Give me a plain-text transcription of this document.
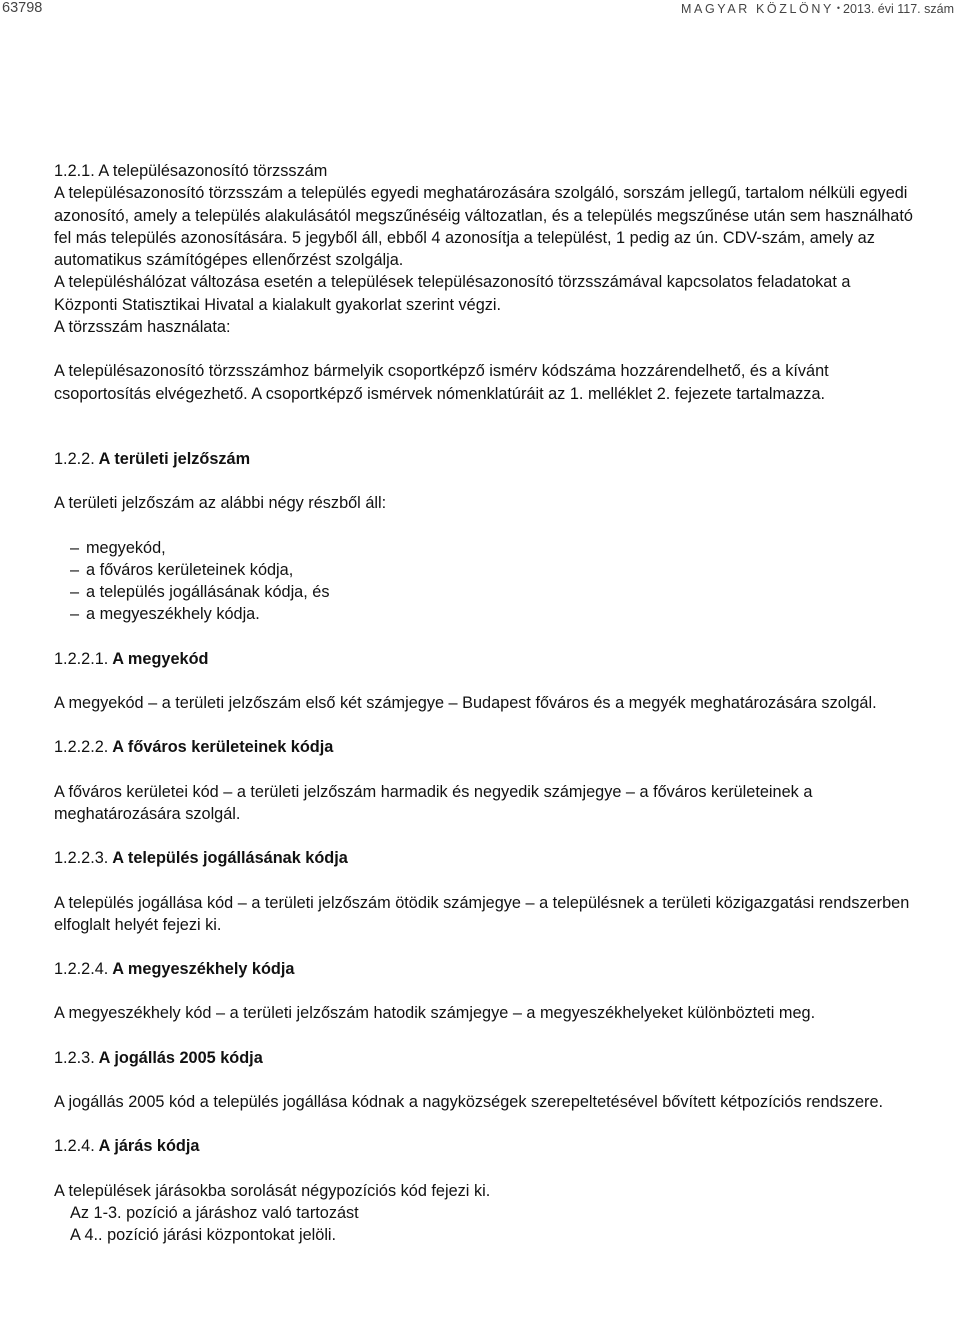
63798	MAGYAR KÖZLÖNY • 2013. évi 117. szám

1.2.1. A településazonosító törzsszám

A településazonosító törzsszám a település egyedi meghatározására szolgáló, sorszám jellegű, tartalom nélküli egyedi azonosító, amely a település alakulásától megszűnéséig változatlan, és a település megszűnése után sem használható fel más település azonosítására. 5 jegyből áll, ebből 4 azonosítja a települést, 1 pedig az ún. CDV-szám, amely az automatikus számítógépes ellenőrzést szolgálja.

A településhálózat változása esetén a települések településazonosító törzsszámával kapcsolatos feladatokat a Központi Statisztikai Hivatal a kialakult gyakorlat szerint végzi.

A törzsszám használata:

A településazonosító törzsszámhoz bármelyik csoportképző ismérv kódszáma hozzárendelhető, és a kívánt csoportosítás elvégezhető. A csoportképző ismérvek nómenklatúráit az 1. melléklet 2. fejezete tartalmazza.

1.2.2. A területi jelzőszám

A területi jelzőszám az alábbi négy részből áll:

– megyekód,
– a főváros kerületeinek kódja,
– a település jogállásának kódja, és
– a megyeszékhely kódja.

1.2.2.1. A megyekód

A megyekód – a területi jelzőszám első két számjegye – Budapest főváros és a megyék meghatározására szolgál.

1.2.2.2. A főváros kerületeinek kódja

A főváros kerületei kód – a területi jelzőszám harmadik és negyedik számjegye – a főváros kerületeinek a meghatározására szolgál.

1.2.2.3. A település jogállásának kódja

A település jogállása kód – a területi jelzőszám ötödik számjegye – a településnek a területi közigazgatási rendszerben elfoglalt helyét fejezi ki.

1.2.2.4. A megyeszékhely kódja

A megyeszékhely kód – a területi jelzőszám hatodik számjegye – a megyeszékhelyeket különbözteti meg.

1.2.3. A jogállás 2005 kódja

A jogállás 2005 kód a település jogállása kódnak a nagyközségek szerepeltetésével bővített kétpozíciós rendszere.

1.2.4. A járás kódja

A települések járásokba sorolását négypozíciós kód fejezi ki.

Az 1-3. pozíció a járáshoz való tartozást

A 4.. pozíció járási központokat jelöli.
